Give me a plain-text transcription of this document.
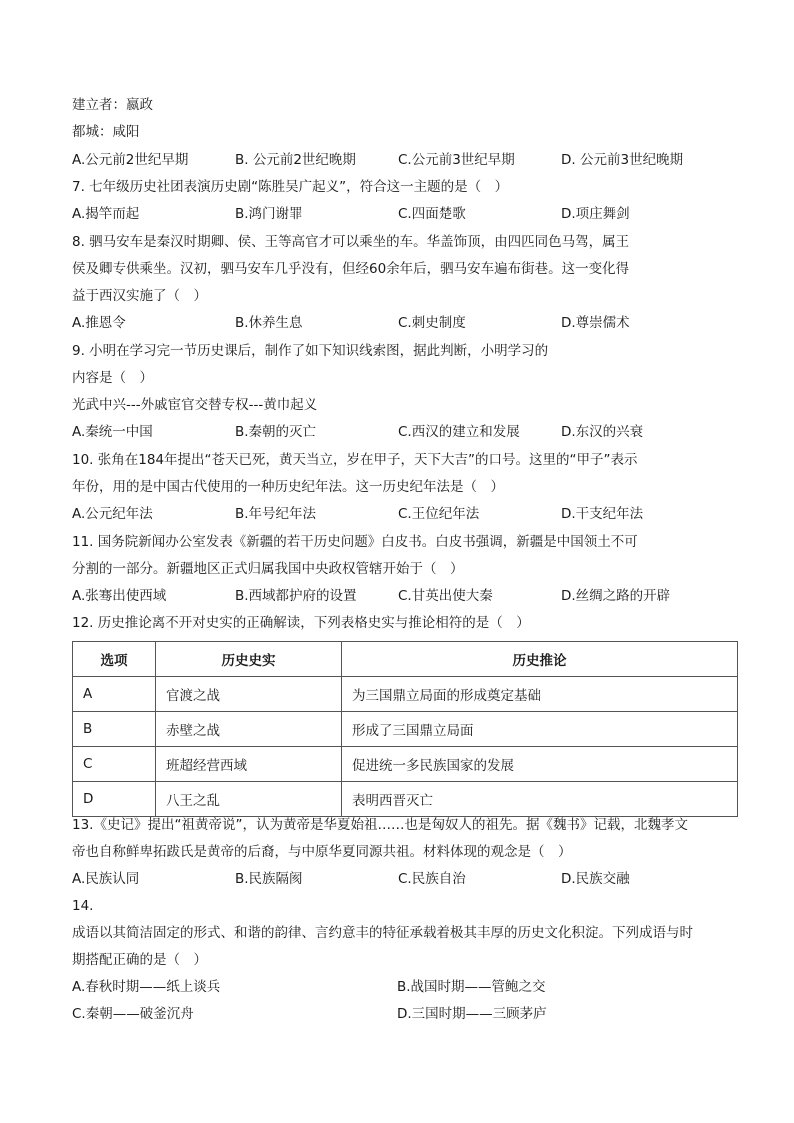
建立者：嬴政
都城：咸阳
A.公元前2世纪早期	B. 公元前2世纪晚期	C.公元前3世纪早期	D. 公元前3世纪晚期
7. 七年级历史社团表演历史剧“陈胜吴广起义”，符合这一主题的是（　）
A.揭竿而起	B.鸿门谢罪	C.四面楚歌	D.项庄舞剑
8. 驷马安车是秦汉时期卿、侯、王等高官才可以乘坐的车。华盖饰顶，由四匹同色马驾，属王
侯及卿专供乘坐。汉初，驷马安车几乎没有，但经60余年后，驷马安车遍布街巷。这一变化得
益于西汉实施了（　）
A.推恩令	B.休养生息	C.刺史制度	D.尊崇儒术
9. 小明在学习完一节历史课后，制作了如下知识线索图，据此判断，小明学习的
内容是（　）
光武中兴---外戚宦官交替专权---黄巾起义
A.秦统一中国	B.秦朝的灭亡	C.西汉的建立和发展	D.东汉的兴衰
10. 张角在184年提出“苍天已死，黄天当立，岁在甲子，天下大吉”的口号。这里的“甲子”表示
年份，用的是中国古代使用的一种历史纪年法。这一历史纪年法是（　）
A.公元纪年法	B.年号纪年法	C.王位纪年法	D.干支纪年法
11. 国务院新闻办公室发表《新疆的若干历史问题》白皮书。白皮书强调，新疆是中国领土不可
分割的一部分。新疆地区正式归属我国中央政权管辖开始于（　）
A.张骞出使西域	B.西域都护府的设置	C.甘英出使大秦	D.丝绸之路的开辟
12. 历史推论离不开对史实的正确解读，下列表格史实与推论相符的是（　）
选项	历史史实	历史推论
A	官渡之战	为三国鼎立局面的形成奠定基础
B	赤壁之战	形成了三国鼎立局面
C	班超经营西域	促进统一多民族国家的发展
D	八王之乱	表明西晋灭亡
13.《史记》提出“祖黄帝说”，认为黄帝是华夏始祖……也是匈奴人的祖先。据《魏书》记载，北魏孝文
帝也自称鲜卑拓跋氏是黄帝的后裔，与中原华夏同源共祖。材料体现的观念是（　）
A.民族认同	B.民族隔阂	C.民族自治	D.民族交融
14.
成语以其简洁固定的形式、和谐的韵律、言约意丰的特征承载着极其丰厚的历史文化积淀。下列成语与时
期搭配正确的是（　）
A.春秋时期——纸上谈兵	B.战国时期——管鲍之交
C.秦朝——破釜沉舟	D.三国时期——三顾茅庐
